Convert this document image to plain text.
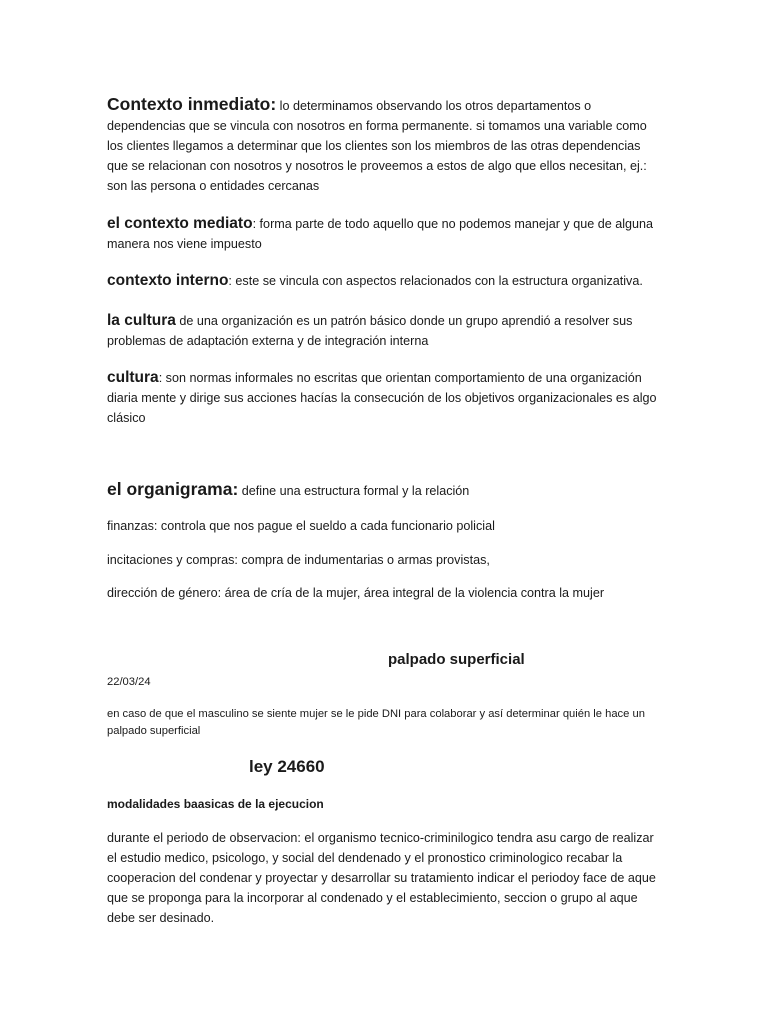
Contexto inmediato: lo determinamos observando los otros departamentos o dependencias que se vincula con nosotros en forma permanente. si tomamos una variable como los clientes llegamos a determinar que los clientes son los miembros de las otras dependencias que se relacionan con nosotros y nosotros le proveemos a estos de algo que ellos necesitan, ej.: son las persona o entidades cercanas

el contexto mediato: forma parte de todo aquello que no podemos manejar y que de alguna manera nos viene impuesto

contexto interno: este se vincula con aspectos relacionados con la estructura organizativa.

la cultura de una organización es un patrón básico donde un grupo aprendió a resolver sus problemas de adaptación externa y de integración interna

cultura: son normas informales no escritas que orientan comportamiento de una organización diaria mente y dirige sus acciones hacías la consecución de los objetivos organizacionales es algo clásico

el organigrama: define una estructura formal y la relación

finanzas: controla que nos pague el sueldo a cada funcionario policial

incitaciones y compras: compra de indumentarias o armas provistas,

dirección de género: área de cría de la mujer, área integral de la violencia contra la mujer

palpado superficial

22/03/24

en caso de que el masculino se siente mujer se le pide DNI para colaborar y así determinar quién le hace un palpado superficial

ley 24660

modalidades baasicas de la ejecucion

durante el periodo de observacion: el organismo tecnico-criminilogico tendra asu cargo de realizar el estudio medico, psicologo, y social del dendenado y el pronostico criminologico recabar la cooperacion del condenar y proyectar y desarrollar su tratamiento indicar el periodoy face de aque que se proponga para la incorporar al condenado y el establecimiento, seccion o grupo al aque debe ser desinado.
